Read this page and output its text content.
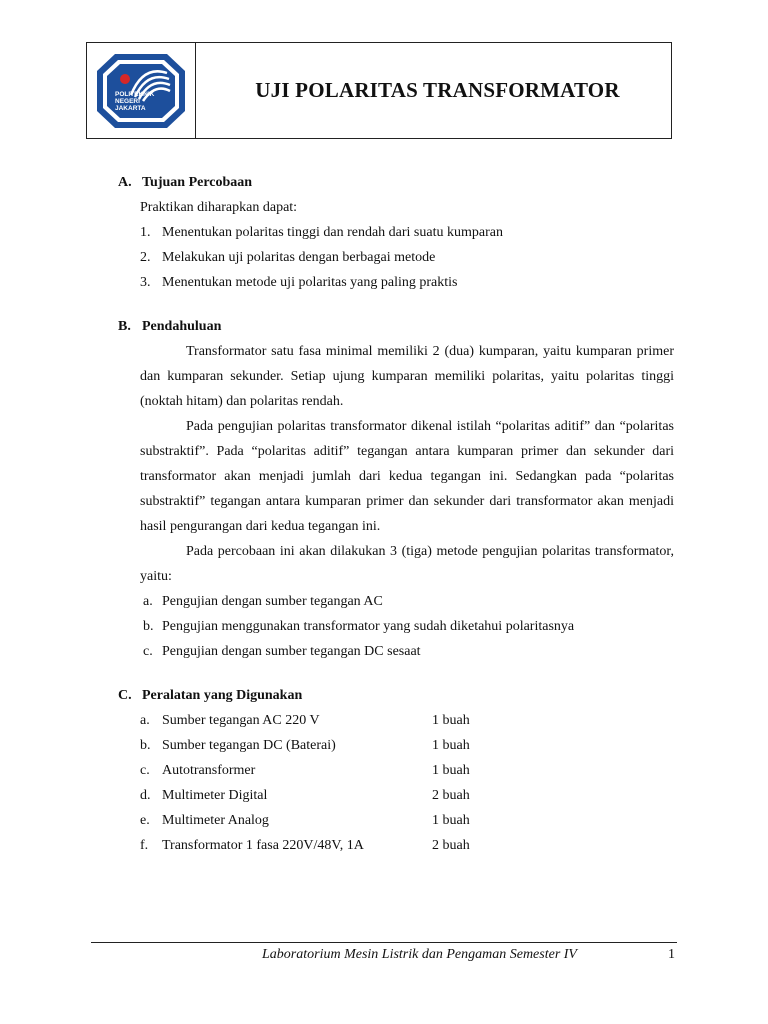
POLITEKNIK
NEGERI
JAKARTA
UJI POLARITAS TRANSFORMATOR
A. Tujuan Percobaan
Praktikan diharapkan dapat:
1. Menentukan polaritas tinggi dan rendah dari suatu kumparan
2. Melakukan uji polaritas dengan berbagai metode
3. Menentukan metode uji polaritas yang paling praktis
B. Pendahuluan

Transformator satu fasa minimal memiliki 2 (dua) kumparan, yaitu kumparan primer dan kumparan sekunder. Setiap ujung kumparan memiliki polaritas, yaitu polaritas tinggi (noktah hitam) dan polaritas rendah.

Pada pengujian polaritas transformator dikenal istilah “polaritas aditif” dan “polaritas substraktif”. Pada “polaritas aditif” tegangan antara kumparan primer dan sekunder dari transformator akan menjadi jumlah dari kedua tegangan ini. Sedangkan pada “polaritas substraktif” tegangan antara kumparan primer dan sekunder dari transformator akan menjadi hasil pengurangan dari kedua tegangan ini.

Pada percobaan ini akan dilakukan 3 (tiga) metode pengujian polaritas transformator, yaitu:

a. Pengujian dengan sumber tegangan AC
b. Pengujian menggunakan transformator yang sudah diketahui polaritasnya
c. Pengujian dengan sumber tegangan DC sesaat
C. Peralatan yang Digunakan
a. Sumber tegangan AC 220 V	1 buah
b. Sumber tegangan DC (Baterai)	1 buah
c. Autotransformer	1 buah
d. Multimeter Digital	2 buah
e. Multimeter Analog	1 buah
f. Transformator 1 fasa 220V/48V, 1A	2 buah
Laboratorium Mesin Listrik dan Pengaman Semester IV	1
